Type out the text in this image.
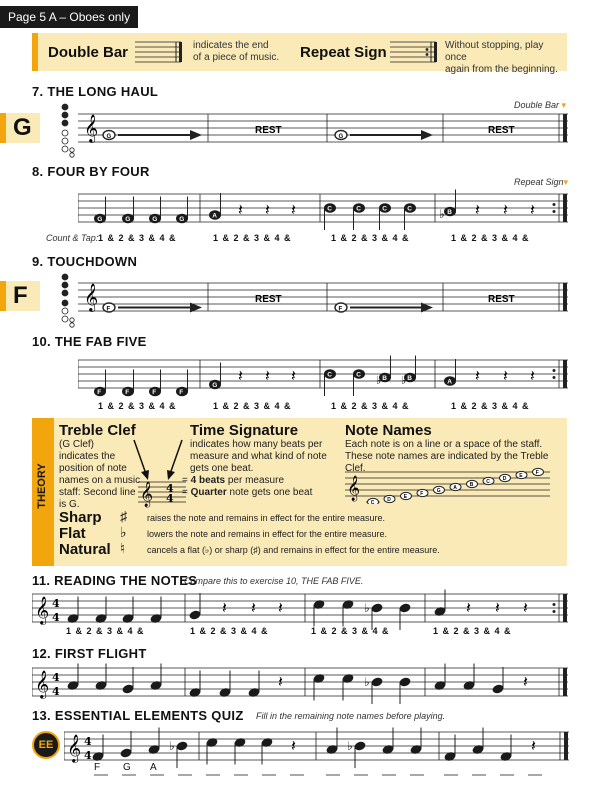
Page 5 A – Oboes only
Double Bar	indicates the end
of a piece of music. Repeat Sign	Without stopping, play once
again from the beginning.
7. THE LONG HAUL
Double Bar ▾
G 𝄞 G
REST
G
REST
8. FOUR BY FOUR
Repeat Sign▾
G	G	G	G	A 𝄽 𝄽 𝄽	C	C	C	C	B 𝄽 𝄽 𝄽
♭
Count & Tap: 1 & 2 & 3 & 4 &	1 & 2 & 3 & 4 &	1 & 2 & 3 & 4 &	1 & 2 & 3 & 4 &
9. TOUCHDOWN
F 𝄞 F
REST
F
REST
10. THE FAB FIVE
F	F	F	F
G
𝄽 𝄽 𝄽	C	C	B	B	A 𝄽 𝄽 𝄽
♭ ♭
1 & 2 & 3 & 4 &	1 & 2 & 3 & 4 &	1 & 2 & 3 & 4 &	1 & 2 & 3 & 4 &
THEORY
Treble Clef
(G Clef)
indicates the
position of note
names on a music
staff: Second line
is G.	𝄞 4
4
Time Signature
indicates how many beats per
measure and what kind of note
gets one beat.
= 4 beats per measure
= Quarter note gets one beat
Note Names
Each note is on a line or a space of the staff.
These note names are indicated by the Treble Clef.
𝄞
C	D	E	F	G	A	B	C	D	E	F
Sharp ♯ raises the note and remains in effect for the entire measure.
Flat ♭ lowers the note and remains in effect for the entire measure.
Natural ♮ cancels a flat (♭) or sharp (♯) and remains in effect for the entire measure.
11. READING THE NOTES
Compare this to exercise 10, THE FAB FIVE.
𝄞 4
4
𝄽 𝄽 𝄽	♭	𝄽 𝄽 𝄽
1 & 2 & 3 & 4 &	1 & 2 & 3 & 4 &	1 & 2 & 3 & 4 &	1 & 2 & 3 & 4 &
12. FIRST FLIGHT
𝄞 4
4
𝄽	♭	𝄽
13. ESSENTIAL ELEMENTS QUIZ Fill in the remaining note names before playing.
EE 𝄞 4
4
♭	𝄽	♭	𝄽
F G A
